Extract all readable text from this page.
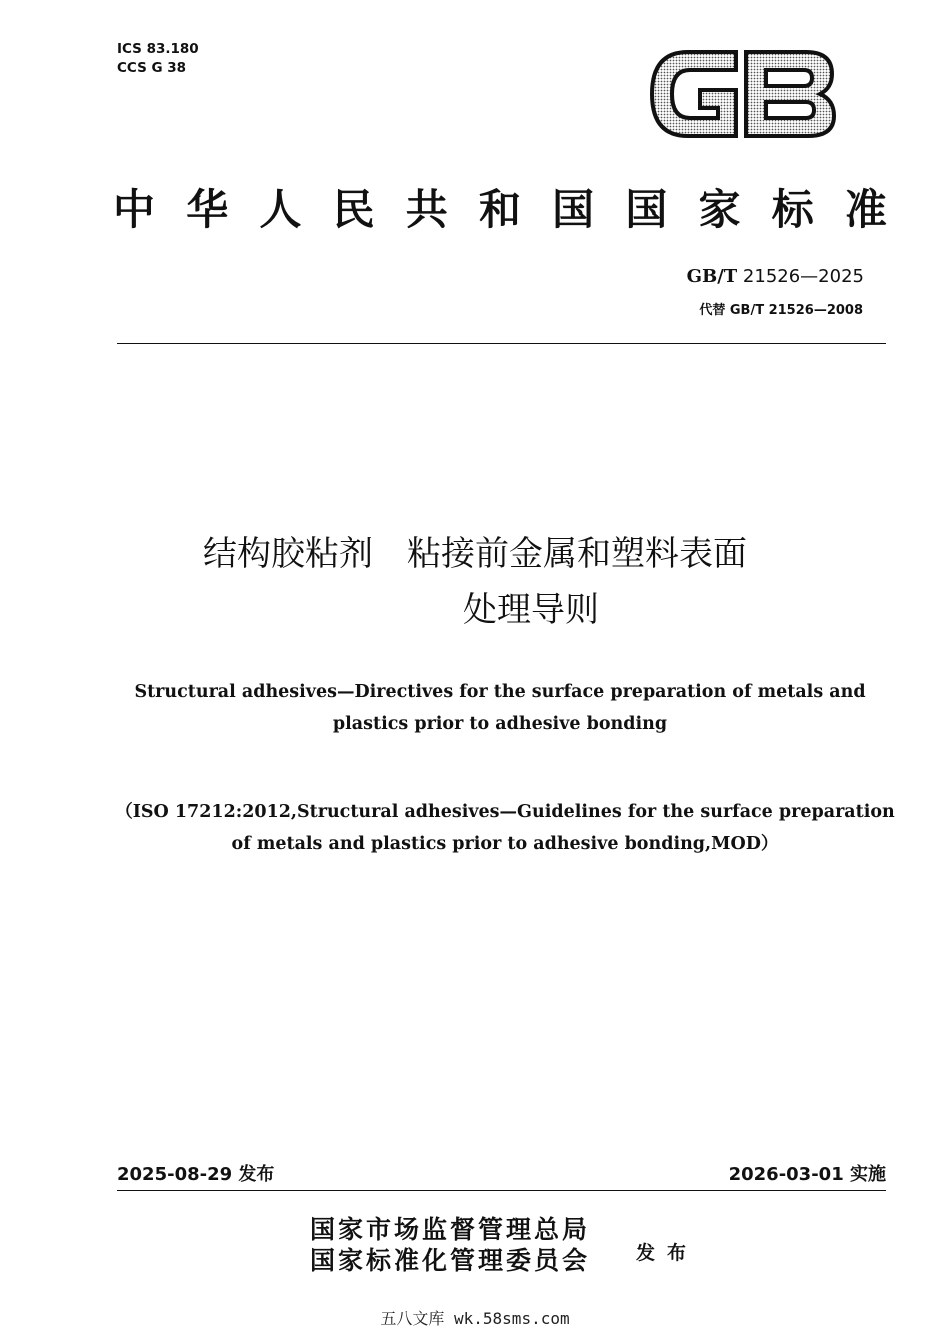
ICS 83.180
CCS G 38
中 华 人 民 共 和 国 国 家 标 准
GB/T 21526—2025
代替 GB/T 21526—2008
结构胶粘剂　粘接前金属和塑料表面
处理导则
Structural adhesives—Directives for the surface preparation of metals and
plastics prior to adhesive bonding
（ISO 17212:2012,Structural adhesives—Guidelines for the surface preparation
of metals and plastics prior to adhesive bonding,MOD）
2025-08-29 发布	2026-03-01 实施
国家市场监督管理总局
国家标准化管理委员会 发布
五八文库 wk.58sms.com
